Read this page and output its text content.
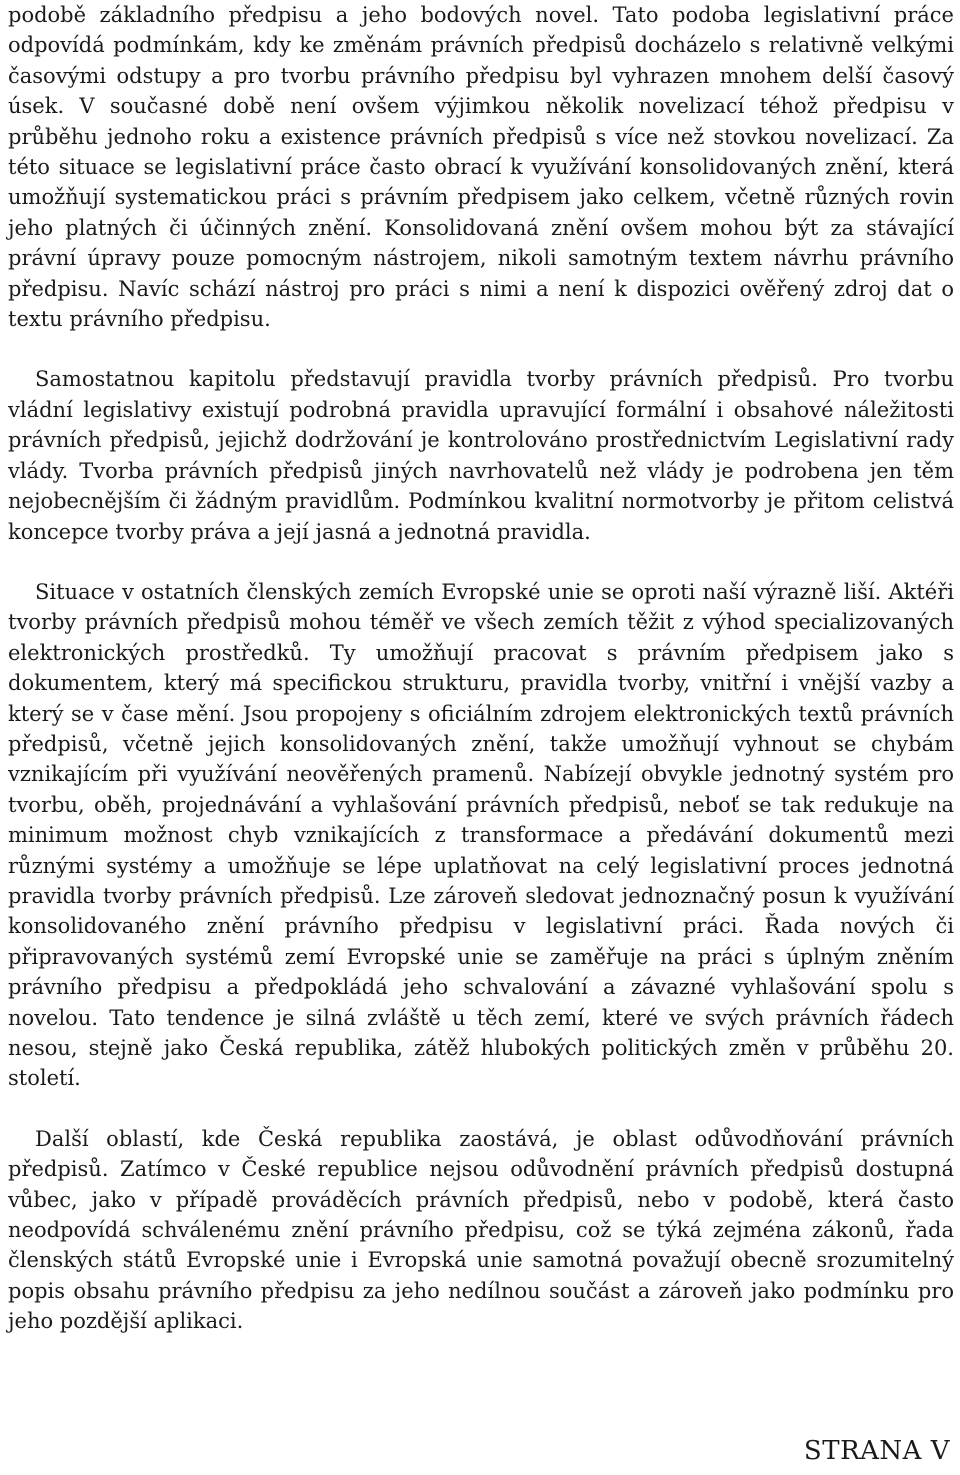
podobě základního předpisu a jeho bodových novel. Tato podoba legislativní práce odpovídá podmínkám, kdy ke změnám právních předpisů docházelo s relativně velkými časovými odstupy a pro tvorbu právního předpisu byl vyhrazen mnohem delší časový úsek. V současné době není ovšem výjimkou několik novelizací téhož předpisu v průběhu jednoho roku a existence právních předpisů s více než stovkou novelizací. Za této situace se legislativní práce často obrací k využívání konsolidovaných znění, která umožňují systematickou práci s právním předpisem jako celkem, včetně různých rovin jeho platných či účinných znění. Konsolidovaná znění ovšem mohou být za stávající právní úpravy pouze pomocným nástrojem, nikoli samotným textem návrhu právního předpisu. Navíc schází nástroj pro práci s nimi a není k dispozici ověřený zdroj dat o textu právního předpisu.

Samostatnou kapitolu představují pravidla tvorby právních předpisů. Pro tvorbu vládní legislativy existují podrobná pravidla upravující formální i obsahové náležitosti právních předpisů, jejichž dodržování je kontrolováno prostřednictvím Legislativní rady vlády. Tvorba právních předpisů jiných navrhovatelů než vlády je podrobena jen těm nejobecnějším či žádným pravidlům. Podmínkou kvalitní normotvorby je přitom celistvá koncepce tvorby práva a její jasná a jednotná pravidla.

Situace v ostatních členských zemích Evropské unie se oproti naší výrazně liší. Aktéři tvorby právních předpisů mohou téměř ve všech zemích těžit z výhod specializovaných elektronických prostředků. Ty umožňují pracovat s právním předpisem jako s dokumentem, který má specifickou strukturu, pravidla tvorby, vnitřní i vnější vazby a který se v čase mění. Jsou propojeny s oficiálním zdrojem elektronických textů právních předpisů, včetně jejich konsolidovaných znění, takže umožňují vyhnout se chybám vznikajícím při využívání neověřených pramenů. Nabízejí obvykle jednotný systém pro tvorbu, oběh, projednávání a vyhlašování právních předpisů, neboť se tak redukuje na minimum možnost chyb vznikajících z transformace a předávání dokumentů mezi různými systémy a umožňuje se lépe uplatňovat na celý legislativní proces jednotná pravidla tvorby právních předpisů. Lze zároveň sledovat jednoznačný posun k využívání konsolidovaného znění právního předpisu v legislativní práci. Řada nových či připravovaných systémů zemí Evropské unie se zaměřuje na práci s úplným zněním právního předpisu a předpokládá jeho schvalování a závazné vyhlašování spolu s novelou. Tato tendence je silná zvláště u těch zemí, které ve svých právních řádech nesou, stejně jako Česká republika, zátěž hlubokých politických změn v průběhu 20. století.

Další oblastí, kde Česká republika zaostává, je oblast odůvodňování právních předpisů. Zatímco v České republice nejsou odůvodnění právních předpisů dostupná vůbec, jako v případě prováděcích právních předpisů, nebo v podobě, která často neodpovídá schválenému znění právního předpisu, což se týká zejména zákonů, řada členských států Evropské unie i Evropská unie samotná považují obecně srozumitelný popis obsahu právního předpisu za jeho nedílnou součást a zároveň jako podmínku pro jeho pozdější aplikaci.

STRANA V
